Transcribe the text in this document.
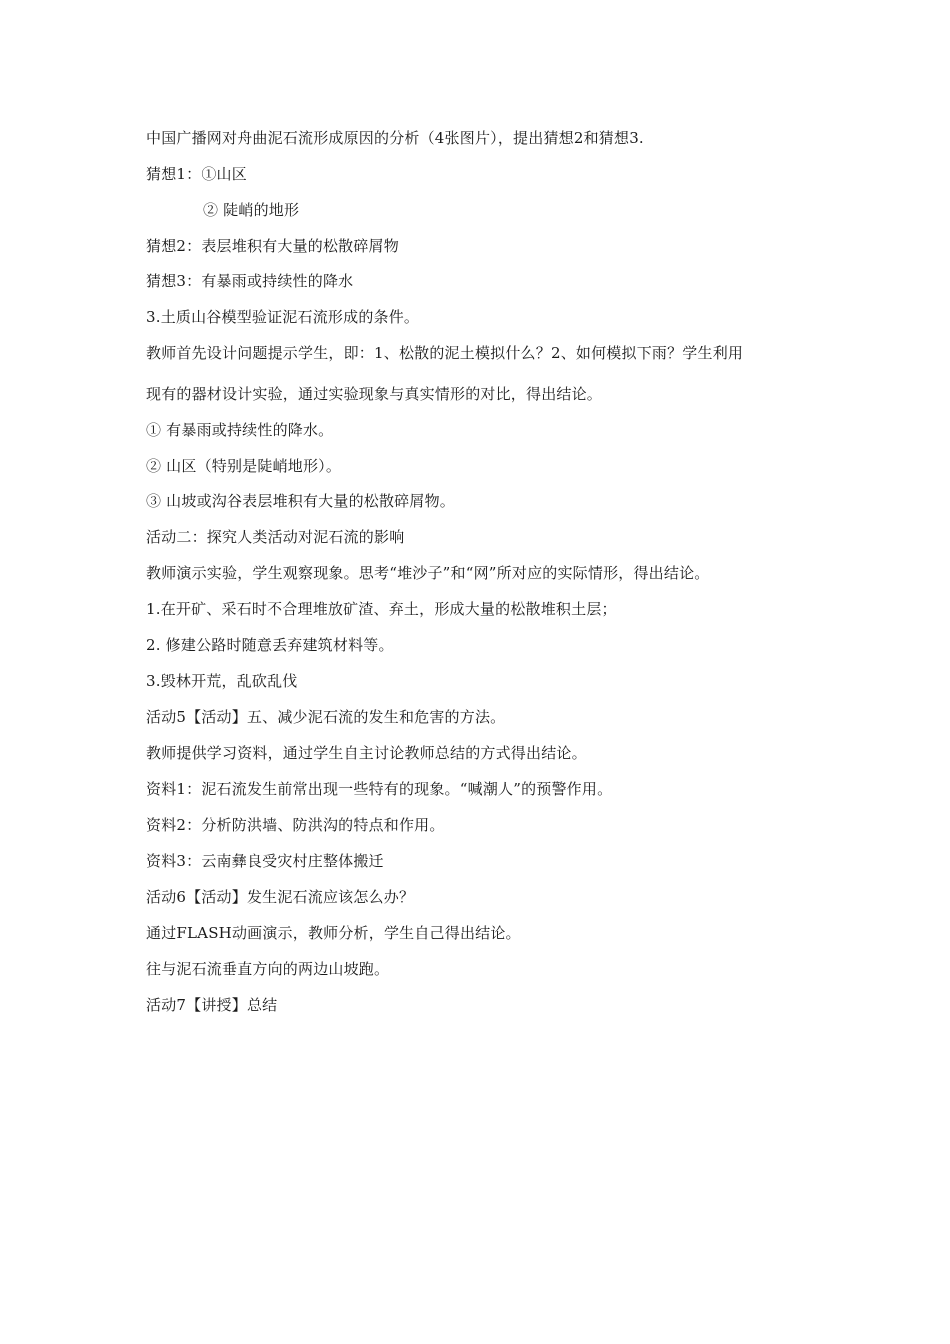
中国广播网对舟曲泥石流形成原因的分析（4张图片），提出猜想2和猜想3.
猜想1：①山区
② 陡峭的地形
猜想2：表层堆积有大量的松散碎屑物
猜想3：有暴雨或持续性的降水
3.土质山谷模型验证泥石流形成的条件。
教师首先设计问题提示学生，即：1、松散的泥土模拟什么？2、如何模拟下雨？学生利用
现有的器材设计实验，通过实验现象与真实情形的对比，得出结论。
① 有暴雨或持续性的降水。
② 山区（特别是陡峭地形）。
③ 山坡或沟谷表层堆积有大量的松散碎屑物。
活动二：探究人类活动对泥石流的影响
教师演示实验，学生观察现象。思考“堆沙子”和“网”所对应的实际情形，得出结论。
1.在开矿、采石时不合理堆放矿渣、弃土，形成大量的松散堆积土层；
2. 修建公路时随意丢弃建筑材料等。
3.毁林开荒，乱砍乱伐
活动5【活动】五、减少泥石流的发生和危害的方法。
教师提供学习资料，通过学生自主讨论教师总结的方式得出结论。
资料1：泥石流发生前常出现一些特有的现象。“喊潮人”的预警作用。
资料2：分析防洪墙、防洪沟的特点和作用。
资料3：云南彝良受灾村庄整体搬迁
活动6【活动】发生泥石流应该怎么办？
通过FLASH动画演示，教师分析，学生自己得出结论。
往与泥石流垂直方向的两边山坡跑。
活动7【讲授】总结
